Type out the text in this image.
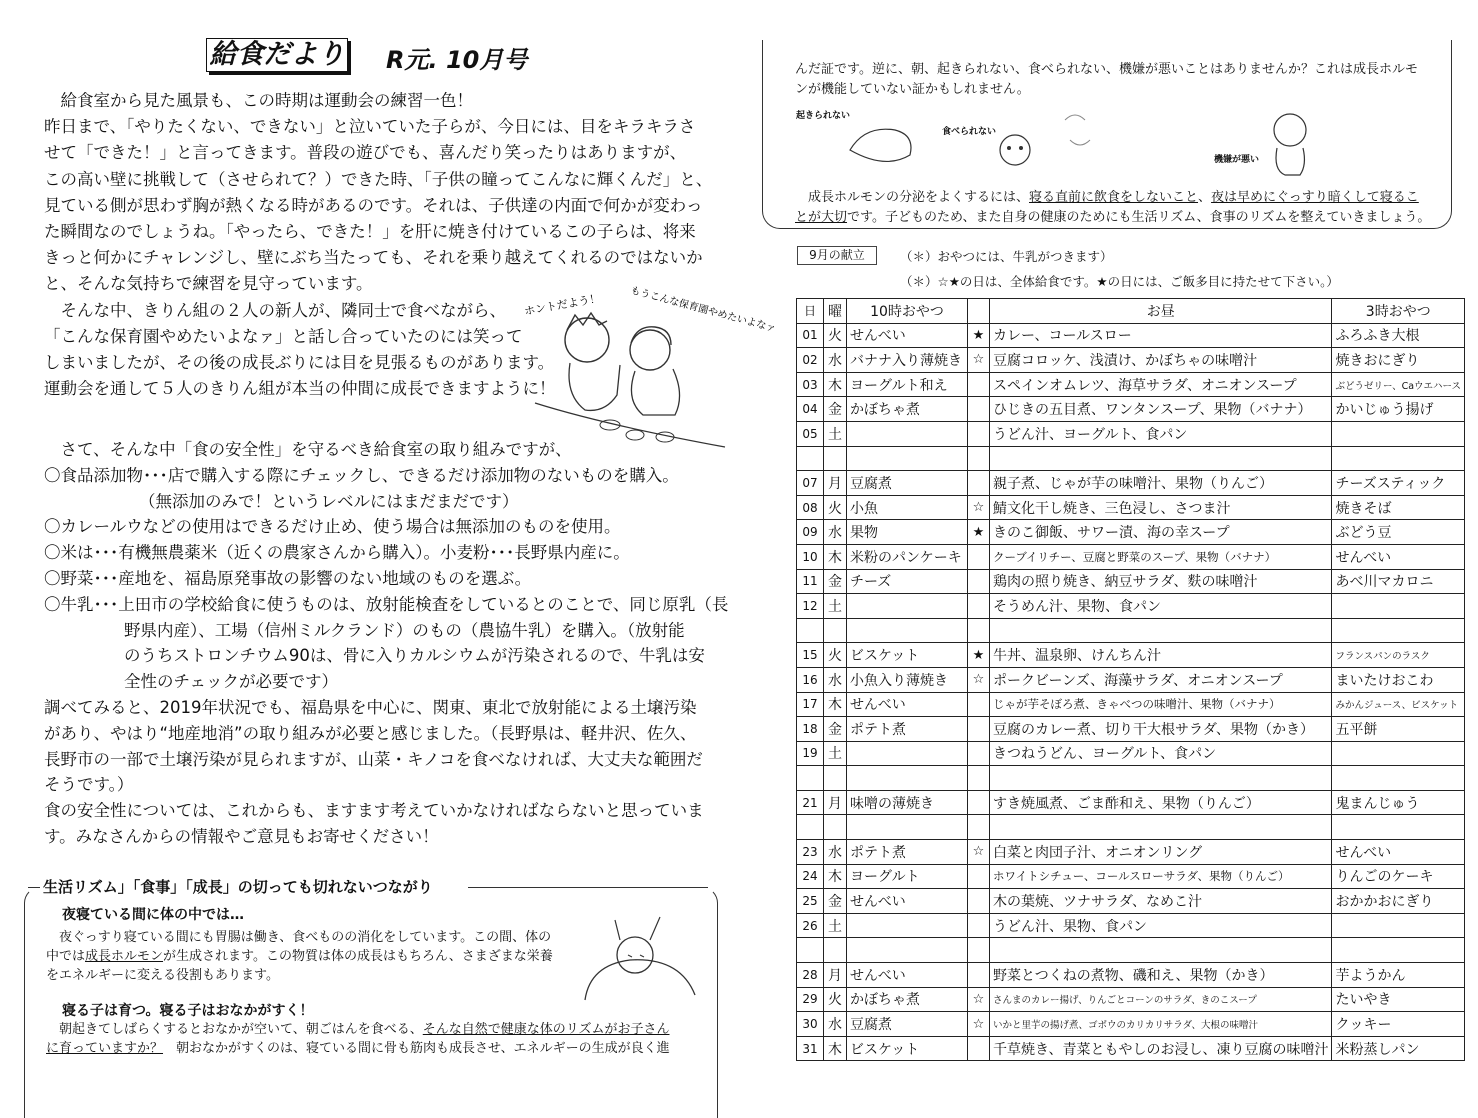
給食だより R元. 10月号

　給食室から見た風景も、この時期は運動会の練習一色！

昨日まで、「やりたくない、できない」と泣いていた子らが、今日には、目をキラキラさ

せて「できた！」と言ってきます。普段の遊びでも、喜んだり笑ったりはありますが、

この高い壁に挑戦して（させられて？）できた時、「子供の瞳ってこんなに輝くんだ」と、

見ている側が思わず胸が熱くなる時があるのです。それは、子供達の内面で何かが変わっ

た瞬間なのでしょうね。「やったら、できた！」を肝に焼き付けているこの子らは、将来

きっと何かにチャレンジし、壁にぶち当たっても、それを乗り越えてくれるのではないか

と、そんな気持ちで練習を見守っています。

　そんな中、きりん組の２人の新人が、隣同士で食べながら、

「こんな保育園やめたいよなァ」と話し合っていたのには笑って

しまいましたが、その後の成長ぶりには目を見張るものがあります。

運動会を通して５人のきりん組が本当の仲間に成長できますように！

ホントだよう！	もうこんな保育園やめたいよなァ

　さて、そんな中「食の安全性」を守るべき給食室の取り組みですが、

〇食品添加物･･･店で購入する際にチェックし、できるだけ添加物のないものを購入。

（無添加のみで！というレベルにはまだまだです）

〇カレールウなどの使用はできるだけ止め、使う場合は無添加のものを使用。

〇米は･･･有機無農薬米（近くの農家さんから購入）。小麦粉･･･長野県内産に。

〇野菜･･･産地を、福島原発事故の影響のない地域のものを選ぶ。

〇牛乳･･･上田市の学校給食に使うものは、放射能検査をしているとのことで、同じ原乳（長

野県内産）、工場（信州ミルクランド）のもの（農協牛乳）を購入。（放射能

のうちストロンチウム90は、骨に入りカルシウムが汚染されるので、牛乳は安

全性のチェックが必要です）

調べてみると、2019年状況でも、福島県を中心に、関東、東北で放射能による土壌汚染

があり、やはり“地産地消”の取り組みが必要と感じました。（長野県は、軽井沢、佐久、

長野市の一部で土壌汚染が見られますが、山菜・キノコを食べなければ、大丈夫な範囲だ

そうです。）

食の安全性については、これからも、ますます考えていかなければならないと思っていま

す。みなさんからの情報やご意見もお寄せください！

生活リズム」「食事」「成長」の切っても切れないつながり
夜寝ている間に体の中では…
　夜ぐっすり寝ている間にも胃腸は働き、食べものの消化をしています。この間、体の
中では成長ホルモンが生成されます。この物質は体の成長はもちろん、さまざまな栄養
をエネルギーに変える役割もあります。
寝る子は育つ。寝る子はおなかがすく！
　朝起きてしばらくするとおなかが空いて、朝ごはんを食べる、そんな自然で健康な体のリズムがお子さん
に育っていますか？　朝おなかがすくのは、寝ている間に骨も筋肉も成長させ、エネルギーの生成が良く進
んだ証です。逆に、朝、起きられない、食べられない、機嫌が悪いことはありませんか？これは成長ホルモ
ンが機能していない証かもしれません。
起きられない
食べられない
機嫌が悪い
　成長ホルモンの分泌をよくするには、寝る直前に飲食をしないこと、夜は早めにぐっすり暗くして寝るこ
とが大切です。子どものため、また自身の健康のためにも生活リズム、食事のリズムを整えていきましょう。
9月の献立	（＊）おやつには、牛乳がつきます）
（＊）☆★の日は、全体給食です。★の日には、ご飯多目に持たせて下さい。）
日	曜	10時おやつ		お昼	3時おやつ
01	火	せんべい	★	カレー、コールスロー	ふろふき大根
02	水	バナナ入り薄焼き	☆	豆腐コロッケ、浅漬け、かぼちゃの味噌汁	焼きおにぎり
03	木	ヨーグルト和え		スペインオムレツ、海草サラダ、オニオンスープ	ぶどうゼリー、Caウエハース
04	金	かぼちゃ煮		ひじきの五目煮、ワンタンスープ、果物（バナナ）	かいじゅう揚げ
05	土			うどん汁、ヨーグルト、食パン	

07	月	豆腐煮		親子煮、じゃが芋の味噌汁、果物（りんご）	チーズスティック
08	火	小魚	☆	鯖文化干し焼き、三色浸し、さつま汁	焼きそば
09	水	果物	★	きのこ御飯、サワー漬、海の幸スープ	ぶどう豆
10	木	米粉のパンケーキ		クーブイリチー、豆腐と野菜のスープ、果物（バナナ）	せんべい
11	金	チーズ		鶏肉の照り焼き、納豆サラダ、麩の味噌汁	あべ川マカロニ
12	土			そうめん汁、果物、食パン	

15	火	ビスケット	★	牛丼、温泉卵、けんちん汁	フランスパンのラスク
16	水	小魚入り薄焼き	☆	ポークビーンズ、海藻サラダ、オニオンスープ	まいたけおこわ
17	木	せんべい		じゃが芋そぼろ煮、きゃべつの味噌汁、果物（バナナ）	みかんジュース、ビスケット
18	金	ポテト煮		豆腐のカレー煮、切り干大根サラダ、果物（かき）	五平餅
19	土			きつねうどん、ヨーグルト、食パン	

21	月	味噌の薄焼き		すき焼風煮、ごま酢和え、果物（りんご）	鬼まんじゅう

23	水	ポテト煮	☆	白菜と肉団子汁、オニオンリング	せんべい
24	木	ヨーグルト		ホワイトシチュー、コールスローサラダ、果物（りんご）	りんごのケーキ
25	金	せんべい		木の葉焼、ツナサラダ、なめこ汁	おかかおにぎり
26	土			うどん汁、果物、食パン	

28	月	せんべい		野菜とつくねの煮物、磯和え、果物（かき）	芋ようかん
29	火	かぼちゃ煮	☆	さんまのカレー揚げ、りんごとコーンのサラダ、きのこスープ	たいやき
30	水	豆腐煮	☆	いかと里芋の揚げ煮、ゴボウのカリカリサラダ、大根の味噌汁	クッキー
31	木	ビスケット		千草焼き、青菜ともやしのお浸し、凍り豆腐の味噌汁	米粉蒸しパン
